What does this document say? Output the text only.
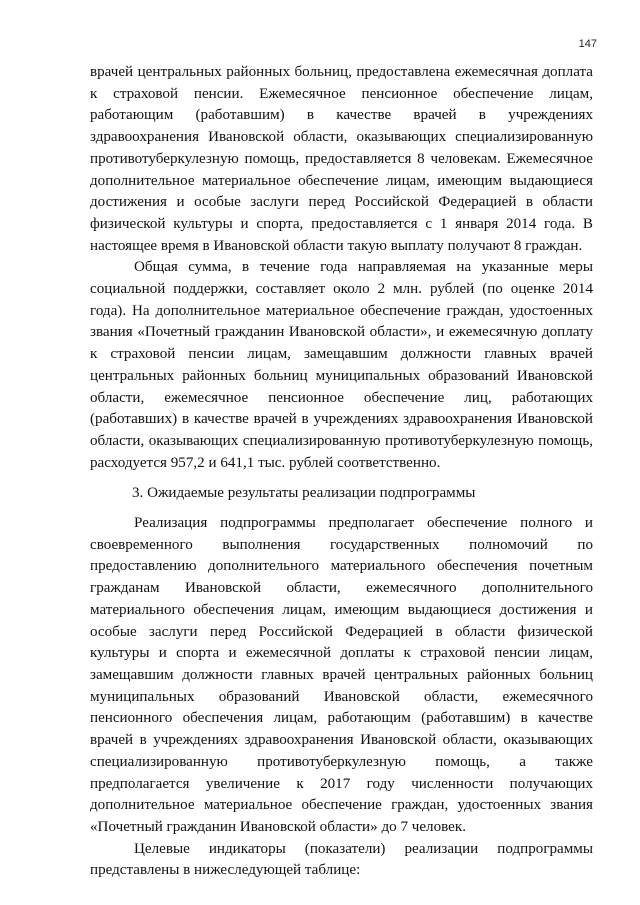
147

врачей центральных районных больниц, предоставлена ежемесячная доплата к страховой пенсии. Ежемесячное пенсионное обеспечение лицам, работающим (работавшим) в качестве врачей в учреждениях здравоохранения Ивановской области, оказывающих специализированную противотуберкулезную помощь, предоставляется 8 человекам. Ежемесячное дополнительное материальное обеспечение лицам, имеющим выдающиеся достижения и особые заслуги перед Российской Федерацией в области физической культуры и спорта, предоставляется с 1 января 2014 года. В настоящее время в Ивановской области такую выплату получают 8 граждан.

Общая сумма, в течение года направляемая на указанные меры социальной поддержки, составляет около 2 млн. рублей (по оценке 2014 года). На дополнительное материальное обеспечение граждан, удостоенных звания «Почетный гражданин Ивановской области», и ежемесячную доплату к страховой пенсии лицам, замещавшим должности главных врачей центральных районных больниц муниципальных образований Ивановской области, ежемесячное пенсионное обеспечение лиц, работающих (работавших) в качестве врачей в учреждениях здравоохранения Ивановской области, оказывающих специализированную противотуберкулезную помощь, расходуется 957,2 и 641,1 тыс. рублей соответственно.

3. Ожидаемые результаты реализации подпрограммы

Реализация подпрограммы предполагает обеспечение полного и своевременного выполнения государственных полномочий по предоставлению дополнительного материального обеспечения почетным гражданам Ивановской области, ежемесячного дополнительного материального обеспечения лицам, имеющим выдающиеся достижения и особые заслуги перед Российской Федерацией в области физической культуры и спорта и ежемесячной доплаты к страховой пенсии лицам, замещавшим должности главных врачей центральных районных больниц муниципальных образований Ивановской области, ежемесячного пенсионного обеспечения лицам, работающим (работавшим) в качестве врачей в учреждениях здравоохранения Ивановской области, оказывающих специализированную противотуберкулезную помощь, а также предполагается увеличение к 2017 году численности получающих дополнительное материальное обеспечение граждан, удостоенных звания «Почетный гражданин Ивановской области» до 7 человек.

Целевые индикаторы (показатели) реализации подпрограммы представлены в нижеследующей таблице:
